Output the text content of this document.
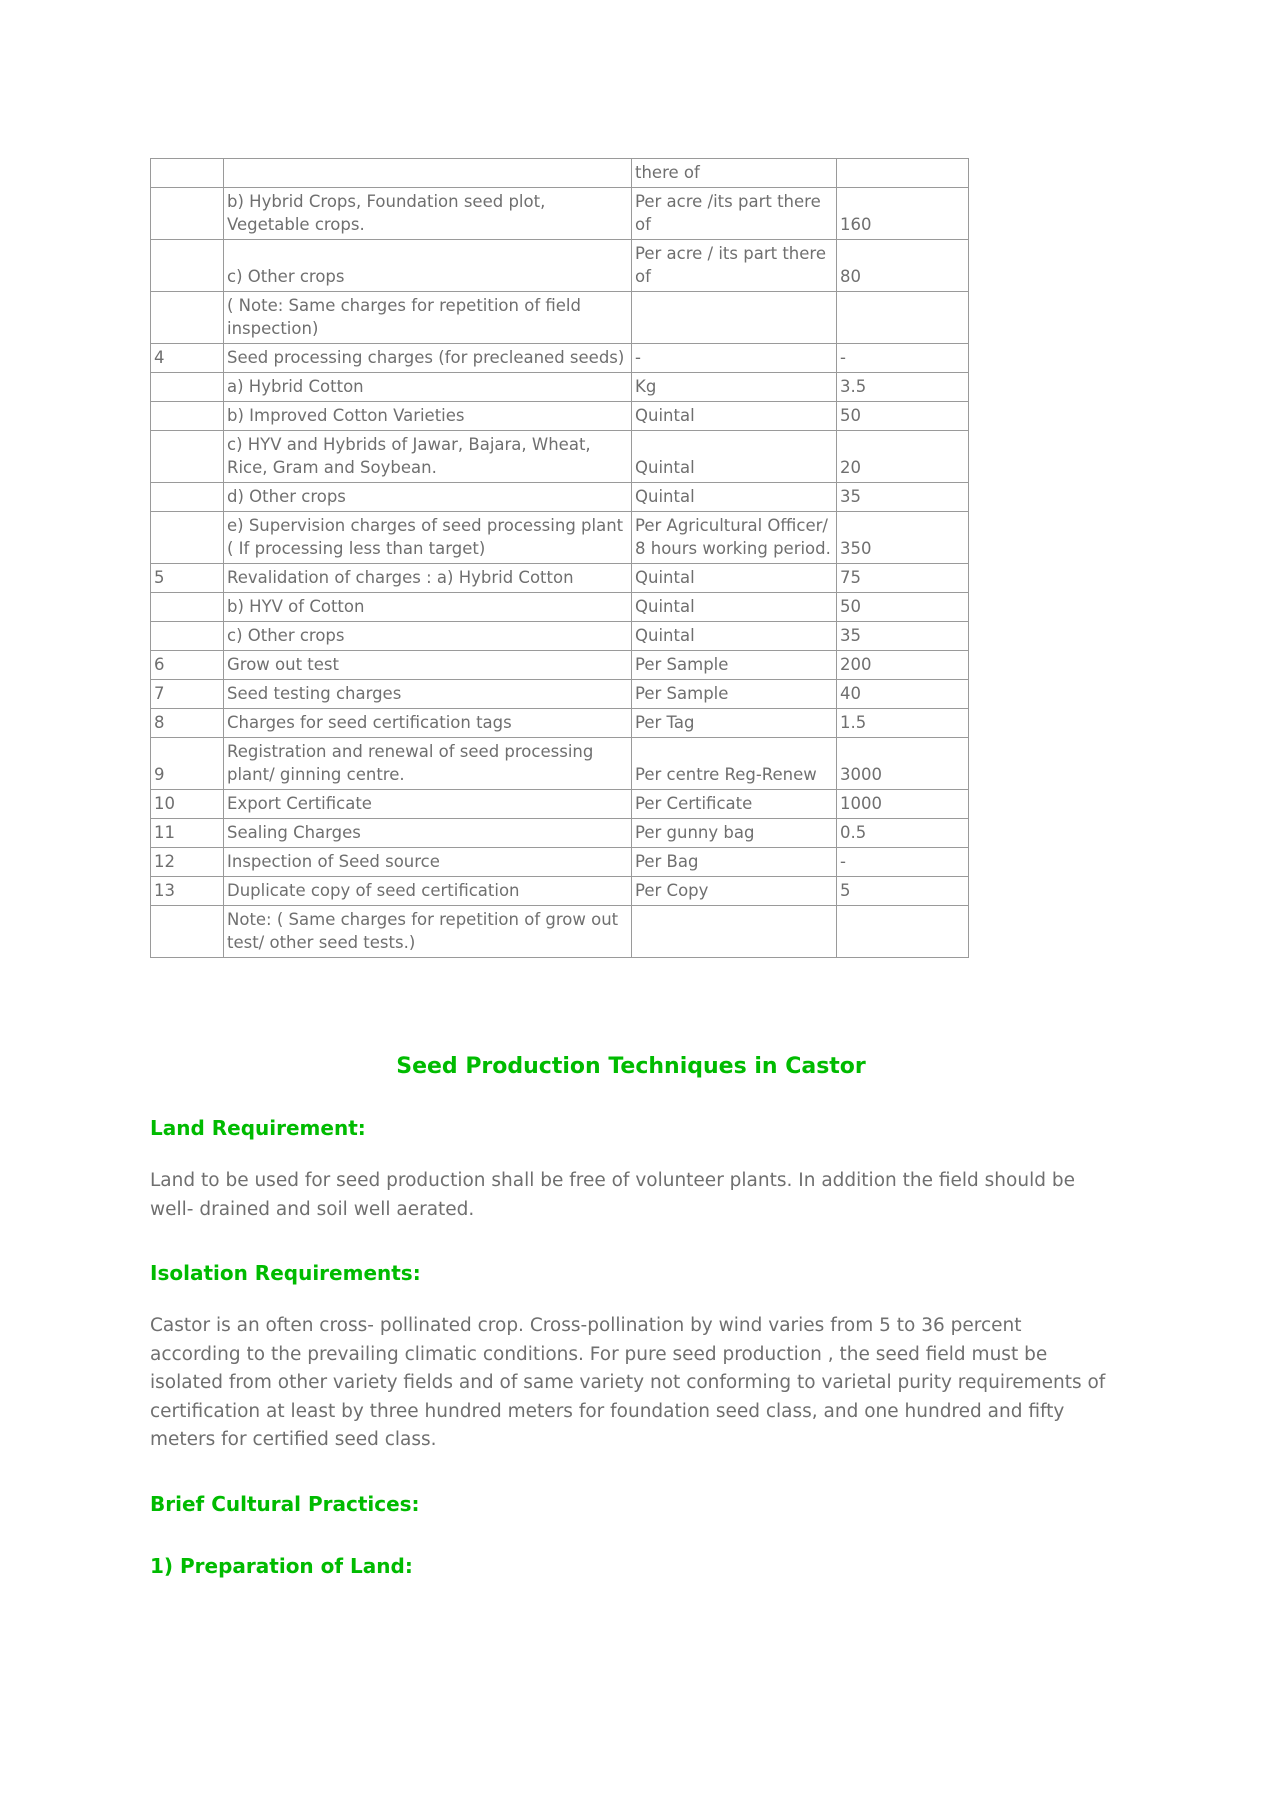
		there of	
	b) Hybrid Crops, Foundation seed plot, Vegetable crops.	Per acre /its part there of	160
	c) Other crops	Per acre / its part there of	80
	( Note: Same charges for repetition of field inspection)		
4	Seed processing charges (for precleaned seeds)	-	-
	a) Hybrid Cotton	Kg	3.5
	b) Improved Cotton Varieties	Quintal	50
	c) HYV and Hybrids of Jawar, Bajara, Wheat, Rice, Gram and Soybean.	Quintal	20
	d) Other crops	Quintal	35
	e) Supervision charges of seed processing plant ( If processing less than target)	Per Agricultural Officer/ 8 hours working period.	350
5	Revalidation of charges : a) Hybrid Cotton	Quintal	75
	b) HYV of Cotton	Quintal	50
	c) Other crops	Quintal	35
6	Grow out test	Per Sample	200
7	Seed testing charges	Per Sample	40
8	Charges for seed certification tags	Per Tag	1.5
9	Registration and renewal of seed processing plant/ ginning centre.	Per centre Reg-Renew	3000
10	Export Certificate	Per Certificate	1000
11	Sealing Charges	Per gunny bag	0.5
12	Inspection of Seed source	Per Bag	-
13	Duplicate copy of seed certification	Per Copy	5
	Note: ( Same charges for repetition of grow out test/ other seed tests.)		
Seed Production Techniques in Castor
Land Requirement:
Land to be used for seed production shall be free of volunteer plants. In addition the field should be well- drained and soil well aerated.
Isolation Requirements:
Castor is an often cross- pollinated crop. Cross-pollination by wind varies from 5 to 36 percent according to the prevailing climatic conditions. For pure seed production , the seed field must be isolated from other variety fields and of same variety not conforming to varietal purity requirements of certification at least by three hundred meters for foundation seed class, and one hundred and fifty meters for certified seed class.
Brief Cultural Practices:
1) Preparation of Land:
